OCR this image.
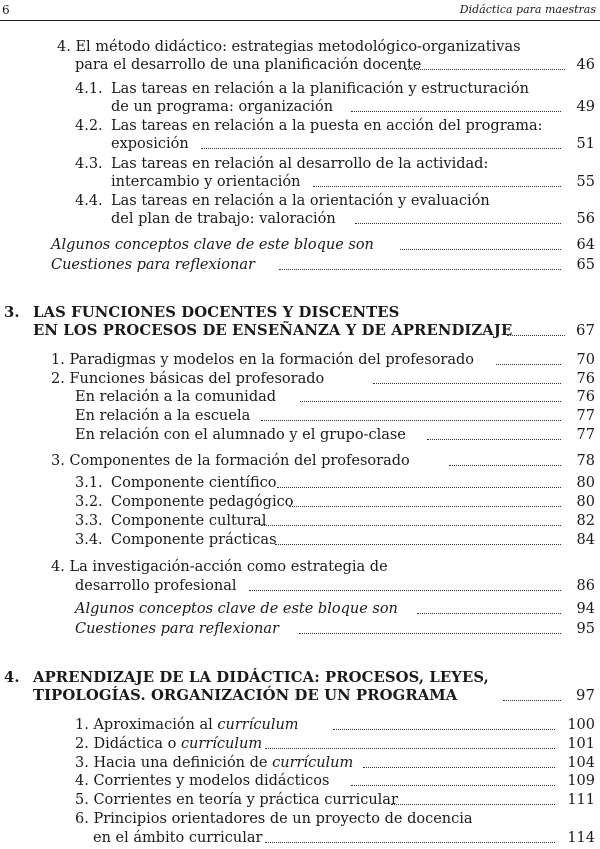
6	Didáctica para maestras
4. El método didáctico: estrategias metodológico-organizativas
para el desarrollo de una planificación docente	46
4.1. Las tareas en relación a la planificación y estructuración
de un programa: organización	49
4.2. Las tareas en relación a la puesta en acción del programa:
exposición	51
4.3. Las tareas en relación al desarrollo de la actividad:
intercambio y orientación	55
4.4. Las tareas en relación a la orientación y evaluación
del plan de trabajo: valoración	56
Algunos conceptos clave de este bloque son	64
Cuestiones para reflexionar	65
3. LAS FUNCIONES DOCENTES Y DISCENTES
EN LOS PROCESOS DE ENSEÑANZA Y DE APRENDIZAJE	67
1. Paradigmas y modelos en la formación del profesorado	70
2. Funciones básicas del profesorado	76
En relación a la comunidad	76
En relación a la escuela	77
En relación con el alumnado y el grupo-clase	77
3. Componentes de la formación del profesorado	78
3.1. Componente científico	80
3.2. Componente pedagógico	80
3.3. Componente cultural	82
3.4. Componente prácticas	84
4. La investigación-acción como estrategia de
desarrollo profesional	86
Algunos conceptos clave de este bloque son	94
Cuestiones para reflexionar	95
4. APRENDIZAJE DE LA DIDÁCTICA: PROCESOS, LEYES,
TIPOLOGÍAS. ORGANIZACIÓN DE UN PROGRAMA	97
1. Aproximación al currículum	100
2. Didáctica o currículum	101
3. Hacia una definición de currículum	104
4. Corrientes y modelos didácticos	109
5. Corrientes en teoría y práctica curricular	111
6. Principios orientadores de un proyecto de docencia
en el ámbito curricular	114
